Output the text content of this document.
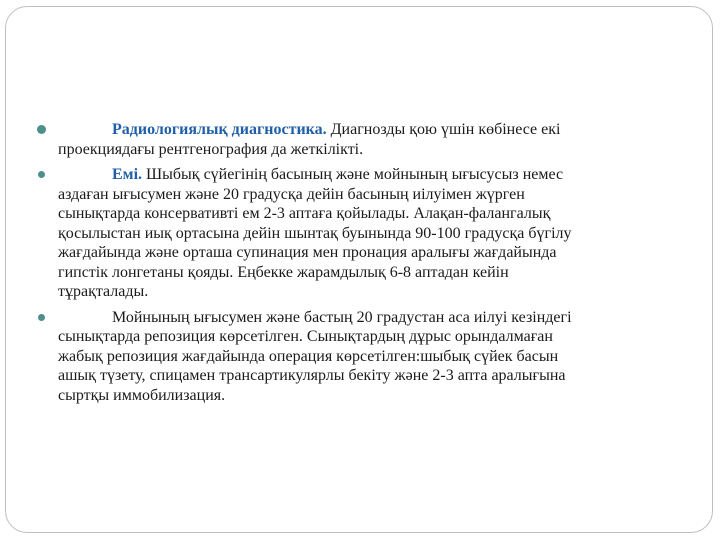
Радиологиялық диагностика. Диагнозды қою үшін көбінесе екі проекциядағы рентгенография да жеткілікті.
Емі. Шыбық сүйегінің басының және мойнының ығысусыз немес аздаған ығысумен және 20 градусқа дейін басының иілуімен жүрген сынықтарда консервативті ем 2-3 аптаға қойылады. Алақан-фалангалық қосылыстан иық ортасына дейін шынтақ буынында 90-100 градусқа бүгілу жағдайында және орташа супинация мен пронация аралығы жағдайында гипстік лонгетаны қояды. Еңбекке жарамдылық 6-8 аптадан кейін тұрақталады.
Мойнының ығысумен және бастың 20 градустан аса иілуі кезіндегі сынықтарда репозиция көрсетілген. Сынықтардың дұрыс орындалмаған жабық репозиция жағдайында операция көрсетілген:шыбық сүйек басын ашық түзету, спицамен трансартикулярлы бекіту және 2-3 апта аралығына сыртқы иммобилизация.
